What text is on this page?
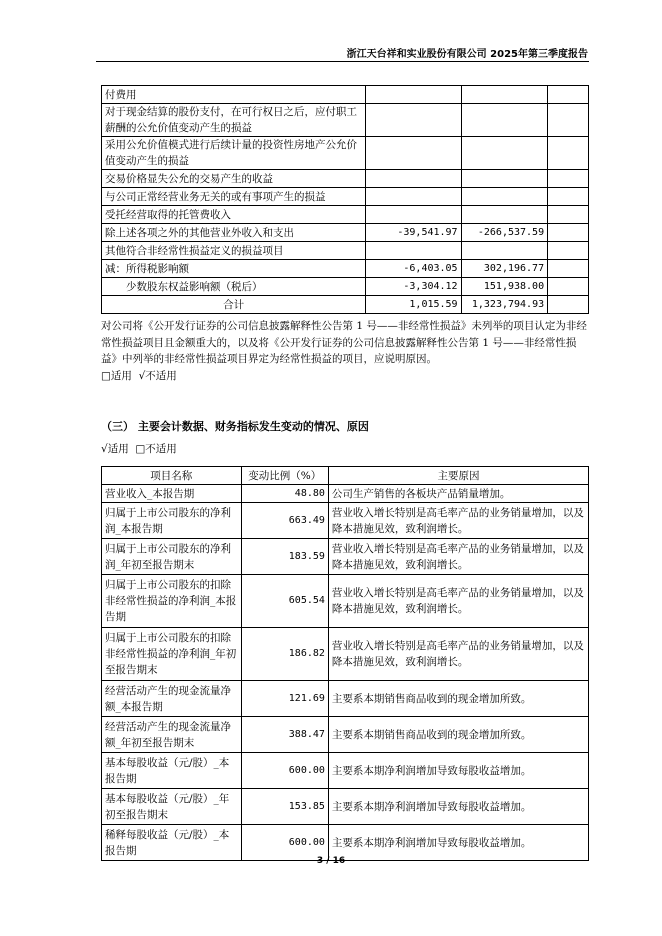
浙江天台祥和实业股份有限公司 2025年第三季度报告
付费用			
对于现金结算的股份支付，在可行权日之后，应付职工薪酬的公允价值变动产生的损益			
采用公允价值模式进行后续计量的投资性房地产公允价值变动产生的损益			
交易价格显失公允的交易产生的收益			
与公司正常经营业务无关的或有事项产生的损益			
受托经营取得的托管费收入			
除上述各项之外的其他营业外收入和支出	-39,541.97	-266,537.59	
其他符合非经常性损益定义的损益项目			
减：所得税影响额	-6,403.05	302,196.77	
少数股东权益影响额（税后）	-3,304.12	151,938.00	
合计	1,015.59	1,323,794.93	
对公司将《公开发行证券的公司信息披露解释性公告第 1 号——非经常性损益》未列举的项目认定为非经常性损益项目且金额重大的，以及将《公开发行证券的公司信息披露解释性公告第 1 号——非经常性损益》中列举的非经常性损益项目界定为经常性损益的项目，应说明原因。
□适用 √不适用
（三） 主要会计数据、财务指标发生变动的情况、原因
√适用 □不适用
项目名称	变动比例（%）	主要原因
营业收入_本报告期	48.80	公司生产销售的各板块产品销量增加。
归属于上市公司股东的净利润_本报告期	663.49	营业收入增长特别是高毛率产品的业务销量增加，以及降本措施见效，致利润增长。
归属于上市公司股东的净利润_年初至报告期末	183.59	营业收入增长特别是高毛率产品的业务销量增加，以及降本措施见效，致利润增长。
归属于上市公司股东的扣除非经常性损益的净利润_本报告期	605.54	营业收入增长特别是高毛率产品的业务销量增加，以及降本措施见效，致利润增长。
归属于上市公司股东的扣除非经常性损益的净利润_年初至报告期末	186.82	营业收入增长特别是高毛率产品的业务销量增加，以及降本措施见效，致利润增长。
经营活动产生的现金流量净额_本报告期	121.69	主要系本期销售商品收到的现金增加所致。
经营活动产生的现金流量净额_年初至报告期末	388.47	主要系本期销售商品收到的现金增加所致。
基本每股收益（元/股）_本报告期	600.00	主要系本期净利润增加导致每股收益增加。
基本每股收益（元/股）_年初至报告期末	153.85	主要系本期净利润增加导致每股收益增加。
稀释每股收益（元/股）_本报告期	600.00	主要系本期净利润增加导致每股收益增加。
3 / 16
